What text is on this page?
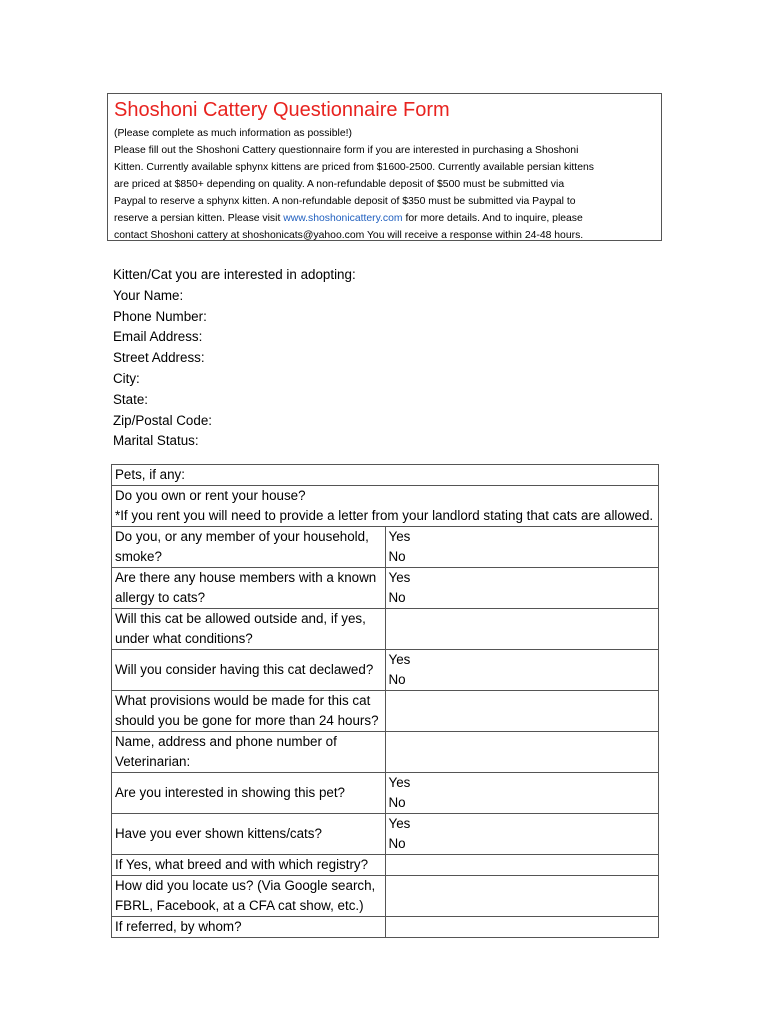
Shoshoni Cattery Questionnaire Form
(Please complete as much information as possible!)
Please fill out the Shoshoni Cattery questionnaire form if you are interested in purchasing a Shoshoni
Kitten. Currently available sphynx kittens are priced from $1600-2500. Currently available persian kittens
are priced at $850+ depending on quality. A non-refundable deposit of $500 must be submitted via
Paypal to reserve a sphynx kitten. A non-refundable deposit of $350 must be submitted via Paypal to
reserve a persian kitten. Please visit www.shoshonicattery.com for more details. And to inquire, please
contact Shoshoni cattery at shoshonicats@yahoo.com You will receive a response within 24-48 hours.
Kitten/Cat you are interested in adopting:
Your Name:
Phone Number:
Email Address:
Street Address:
City:
State:
Zip/Postal Code:
Marital Status:
Pets, if any:	
Do you own or rent your house?
*If you rent you will need to provide a letter from your landlord stating that cats are allowed.	
Do you, or any member of your household, smoke?	Yes
No

Are there any house members with a known allergy to cats?	Yes
No

Will this cat be allowed outside and, if yes, under what conditions?	
Will you consider having this cat declawed?	Yes
No

What provisions would be made for this cat should you be gone for more than 24 hours?	
Name, address and phone number of Veterinarian:	
Are you interested in showing this pet?	Yes
No

Have you ever shown kittens/cats?	Yes
No

If Yes, what breed and with which registry?	
How did you locate us? (Via Google search, FBRL, Facebook, at a CFA cat show, etc.)	
If referred, by whom?	
